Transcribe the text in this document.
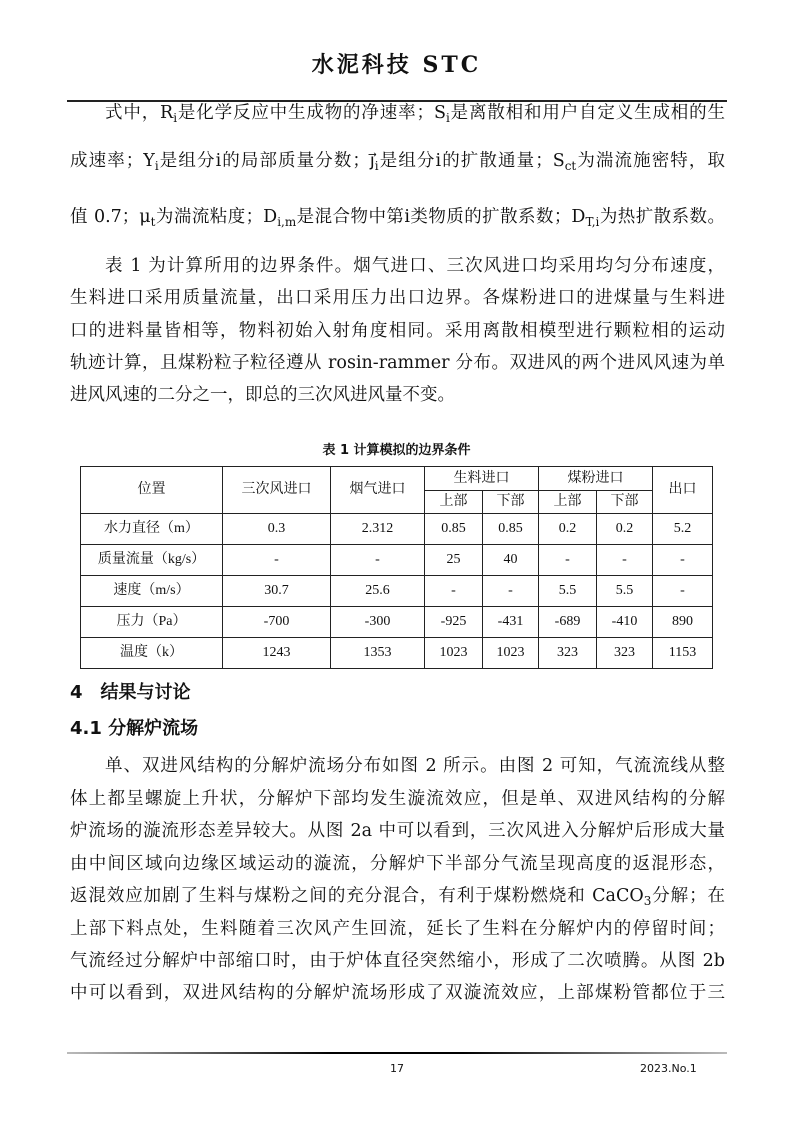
水泥科技 STC
式中，$R_i$是化学反应中生成物的净速率；$S_i$是离散相和用户自定义生成相的生
成速率；$Y_i$是组分i的局部质量分数；$j⃗_i$是组分i的扩散通量；$S_{ct}$为湍流施密特，取
值 0.7；$\mu_t$为湍流粘度；$D_{i,m}$是混合物中第i类物质的扩散系数；$D_{T,i}$为热扩散系数。
表 1 为计算所用的边界条件。烟气进口、三次风进口均采用均匀分布速度，
生料进口采用质量流量，出口采用压力出口边界。各煤粉进口的进煤量与生料进
口的进料量皆相等，物料初始入射角度相同。采用离散相模型进行颗粒相的运动
轨迹计算，且煤粉粒子粒径遵从 rosin-rammer 分布。双进风的两个进风风速为单
进风风速的二分之一，即总的三次风进风量不变。
表 1 计算模拟的边界条件
位置	三次风进口	烟气进口	生料进口		煤粉进口		出口
			上部	下部	上部	下部	
水力直径（m）	0.3	2.312	0.85	0.85	0.2	0.2	5.2
质量流量（kg/s）	-	-	25	40	-	-	-
速度（m/s）	30.7	25.6	-	-	5.5	5.5	-
压力（Pa）	-700	-300	-925	-431	-689	-410	890
温度（k）	1243	1353	1023	1023	323	323	1153
4　结果与讨论
4.1 分解炉流场
单、双进风结构的分解炉流场分布如图 2 所示。由图 2 可知，气流流线从整
体上都呈螺旋上升状，分解炉下部均发生漩流效应，但是单、双进风结构的分解
炉流场的漩流形态差异较大。从图 2a 中可以看到，三次风进入分解炉后形成大量
由中间区域向边缘区域运动的漩流，分解炉下半部分气流呈现高度的返混形态，
返混效应加剧了生料与煤粉之间的充分混合，有利于煤粉燃烧和 CaCO$_3$分解；在
上部下料点处，生料随着三次风产生回流，延长了生料在分解炉内的停留时间；
气流经过分解炉中部缩口时，由于炉体直径突然缩小，形成了二次喷腾。从图 2b
中可以看到，双进风结构的分解炉流场形成了双漩流效应，上部煤粉管都位于三
17	2023.No.1
